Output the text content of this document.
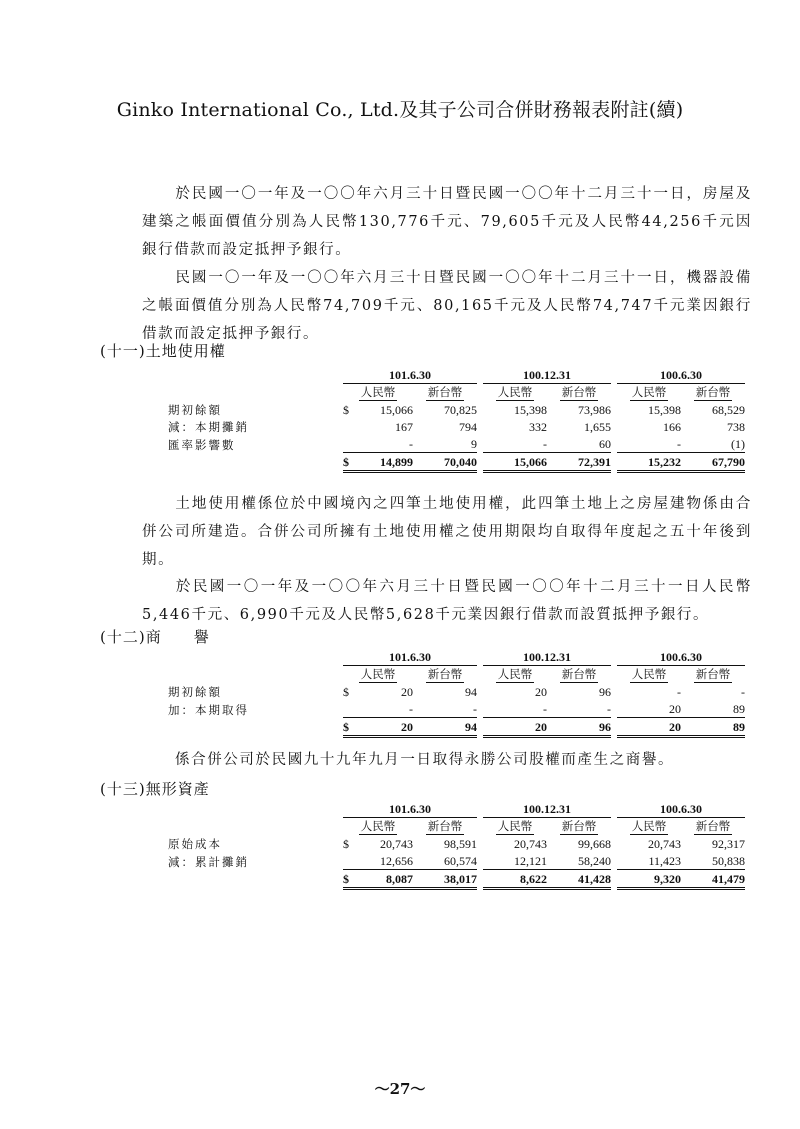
Ginko International Co., Ltd.及其子公司合併財務報表附註(續)
於民國一〇一年及一〇〇年六月三十日暨民國一〇〇年十二月三十一日，房屋及建築之帳面價值分別為人民幣130,776千元、79,605千元及人民幣44,256千元因銀行借款而設定抵押予銀行。
民國一〇一年及一〇〇年六月三十日暨民國一〇〇年十二月三十一日，機器設備之帳面價值分別為人民幣74,709千元、80,165千元及人民幣74,747千元業因銀行借款而設定抵押予銀行。
(十一)土地使用權
	101.6.30				100.12.31			100.6.30	
	人民幣		新台幣		人民幣	新台幣		人民幣	新台幣
期初餘額	$	15,066	70,825		15,398	73,986		15,398	68,529
減：本期攤銷		167	794		332	1,655		166	738
匯率影響數		-	9		-	60		-	(1)
	$	14,899	70,040		15,066	72,391		15,232	67,790
土地使用權係位於中國境內之四筆土地使用權，此四筆土地上之房屋建物係由合併公司所建造。合併公司所擁有土地使用權之使用期限均自取得年度起之五十年後到期。
於民國一〇一年及一〇〇年六月三十日暨民國一〇〇年十二月三十一日人民幣5,446千元、6,990千元及人民幣5,628千元業因銀行借款而設質抵押予銀行。
(十二)商　　譽
	101.6.30				100.12.31			100.6.30	
	人民幣		新台幣		人民幣	新台幣		人民幣	新台幣
期初餘額	$	20	94		20	96		-	-
加：本期取得		-	-		-	-		20	89
	$	20	94		20	96		20	89
係合併公司於民國九十九年九月一日取得永勝公司股權而產生之商譽。
(十三)無形資產
	101.6.30				100.12.31			100.6.30	
	人民幣		新台幣		人民幣	新台幣		人民幣	新台幣
原始成本	$	20,743	98,591		20,743	99,668		20,743	92,317
減：累計攤銷		12,656	60,574		12,121	58,240		11,423	50,838
	$	8,087	38,017		8,622	41,428		9,320	41,479
～27～
